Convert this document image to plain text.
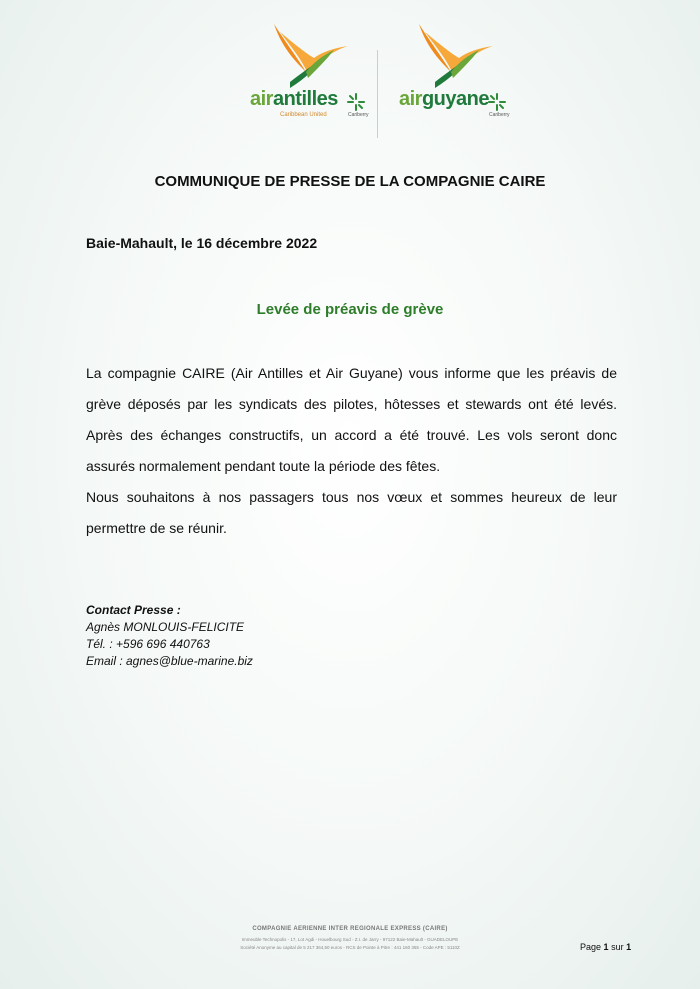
airantilles
Caribbean United	Cariberry
airguyane
Cariberry
COMMUNIQUE DE PRESSE DE LA COMPAGNIE CAIRE
Baie-Mahault, le 16 décembre 2022
Levée de préavis de grève

La compagnie CAIRE (Air Antilles et Air Guyane) vous informe que les préavis de grève déposés par les syndicats des pilotes, hôtesses et stewards ont été levés. Après des échanges constructifs, un accord a été trouvé. Les vols seront donc assurés normalement pendant toute la période des fêtes.

Nous souhaitons à nos passagers tous nos vœux et sommes heureux de leur permettre de se réunir.

Contact Presse :
Agnès MONLOUIS-FELICITE
Tél. : +596 696 440763
Email : agnes@blue-marine.biz
COMPAGNIE AERIENNE INTER REGIONALE EXPRESS (CAIRE)
Immeuble Technopolis - 17, Lot Agdi - Houelbourg Sud - Z.I. de Jarry - 97122 Baie-Mahault - GUADELOUPE
Société Anonyme au capital de 5 217 364,50 euros - RCS de Pointe à Pitre : 441 160 355 - Code APE : 5110Z	Page 1 sur 1
